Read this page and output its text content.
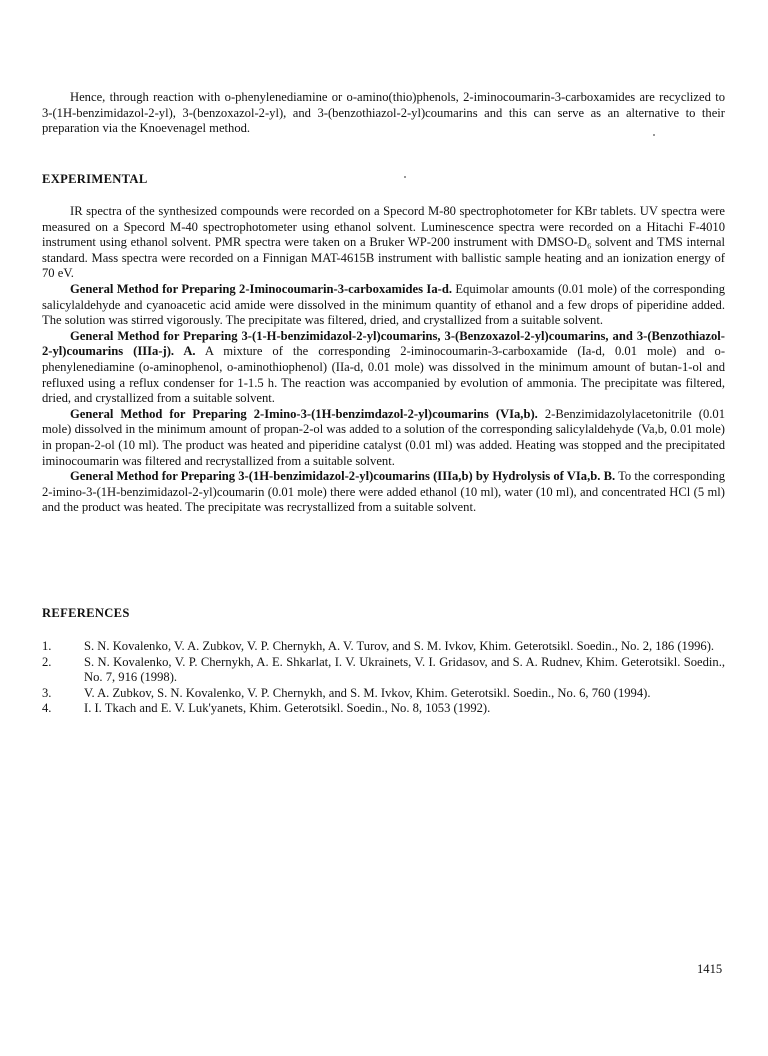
Hence, through reaction with o-phenylenediamine or o-amino(thio)phenols, 2-iminocoumarin-3-carboxamides are recyclized to 3-(1H-benzimidazol-2-yl), 3-(benzoxazol-2-yl), and 3-(benzothiazol-2-yl)coumarins and this can serve as an alternative to their preparation via the Knoevenagel method.

EXPERIMENTAL

IR spectra of the synthesized compounds were recorded on a Specord M-80 spectrophotometer for KBr tablets. UV spectra were measured on a Specord M-40 spectrophotometer using ethanol solvent. Luminescence spectra were recorded on a Hitachi F-4010 instrument using ethanol solvent. PMR spectra were taken on a Bruker WP-200 instrument with DMSO-D₆ solvent and TMS internal standard. Mass spectra were recorded on a Finnigan MAT-4615B instrument with ballistic sample heating and an ionization energy of 70 eV.

General Method for Preparing 2-Iminocoumarin-3-carboxamides Ia-d. Equimolar amounts (0.01 mole) of the corresponding salicylaldehyde and cyanoacetic acid amide were dissolved in the minimum quantity of ethanol and a few drops of piperidine added. The solution was stirred vigorously. The precipitate was filtered, dried, and crystallized from a suitable solvent.

General Method for Preparing 3-(1-H-benzimidazol-2-yl)coumarins, 3-(Benzoxazol-2-yl)coumarins, and 3-(Benzothiazol-2-yl)coumarins (IIIa-j). A. A mixture of the corresponding 2-iminocoumarin-3-carboxamide (Ia-d, 0.01 mole) and o-phenylenediamine (o-aminophenol, o-aminothiophenol) (IIa-d, 0.01 mole) was dissolved in the minimum amount of butan-1-ol and refluxed using a reflux condenser for 1-1.5 h. The reaction was accompanied by evolution of ammonia. The precipitate was filtered, dried, and crystallized from a suitable solvent.

General Method for Preparing 2-Imino-3-(1H-benzimdazol-2-yl)coumarins (VIa,b). 2-Benzimidazolylacetonitrile (0.01 mole) dissolved in the minimum amount of propan-2-ol was added to a solution of the corresponding salicylaldehyde (Va,b, 0.01 mole) in propan-2-ol (10 ml). The product was heated and piperidine catalyst (0.01 ml) was added. Heating was stopped and the precipitated iminocoumarin was filtered and recrystallized from a suitable solvent.

General Method for Preparing 3-(1H-benzimidazol-2-yl)coumarins (IIIa,b) by Hydrolysis of VIa,b. B. To the corresponding 2-imino-3-(1H-benzimidazol-2-yl)coumarin (0.01 mole) there were added ethanol (10 ml), water (10 ml), and concentrated HCl (5 ml) and the product was heated. The precipitate was recrystallized from a suitable solvent.

REFERENCES
1.	S. N. Kovalenko, V. A. Zubkov, V. P. Chernykh, A. V. Turov, and S. M. Ivkov, Khim. Geterotsikl. Soedin., No. 2, 186 (1996).
2.	S. N. Kovalenko, V. P. Chernykh, A. E. Shkarlat, I. V. Ukrainets, V. I. Gridasov, and S. A. Rudnev, Khim. Geterotsikl. Soedin., No. 7, 916 (1998).
3.	V. A. Zubkov, S. N. Kovalenko, V. P. Chernykh, and S. M. Ivkov, Khim. Geterotsikl. Soedin., No. 6, 760 (1994).
4.	I. I. Tkach and E. V. Luk'yanets, Khim. Geterotsikl. Soedin., No. 8, 1053 (1992).
1415
